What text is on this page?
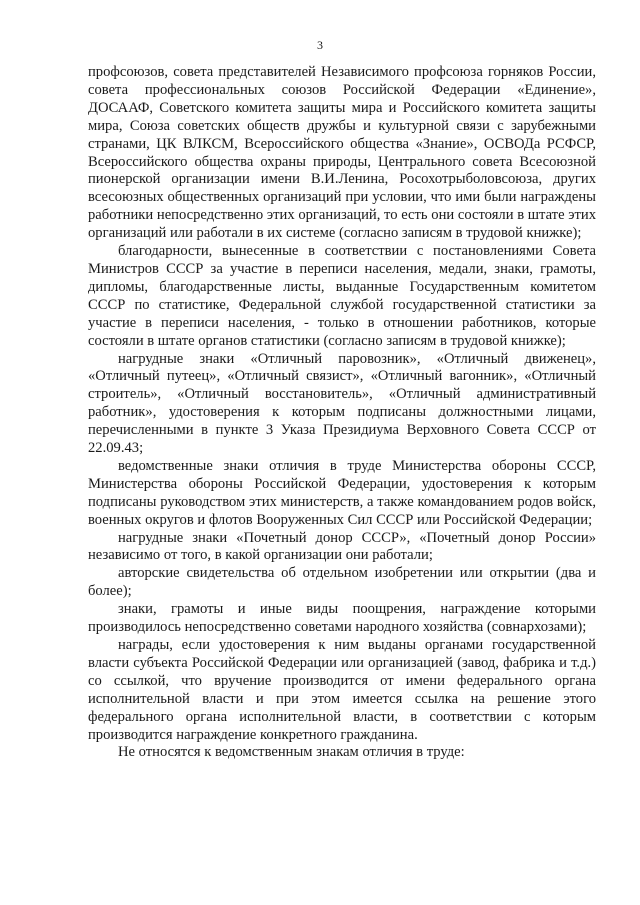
3

профсоюзов, совета представителей Независимого профсоюза горняков России, совета профессиональных союзов Российской Федерации «Единение», ДОСААФ, Советского комитета защиты мира и Российского комитета защиты мира, Союза советских обществ дружбы и культурной связи с зарубежными странами, ЦК ВЛКСМ, Всероссийского общества «Знание», ОСВОДа РСФСР, Всероссийского общества охраны природы, Центрального совета Всесоюзной пионерской организации имени В.И.Ленина, Росохотрыболовсоюза, других всесоюзных общественных организаций при условии, что ими были награждены работники непосредственно этих организаций, то есть они состояли в штате этих организаций или работали в их системе (согласно записям в трудовой книжке);

благодарности, вынесенные в соответствии с постановлениями Совета Министров СССР за участие в переписи населения, медали, знаки, грамоты, дипломы, благодарственные листы, выданные Государственным комитетом СССР по статистике, Федеральной службой государственной статистики за участие в переписи населения, - только в отношении работников, которые состояли в штате органов статистики (согласно записям в трудовой книжке);

нагрудные знаки «Отличный паровозник», «Отличный движенец», «Отличный путеец», «Отличный связист», «Отличный вагонник», «Отличный строитель», «Отличный восстановитель», «Отличный административный работник», удостоверения к которым подписаны должностными лицами, перечисленными в пункте 3 Указа Президиума Верховного Совета СССР от 22.09.43;

ведомственные знаки отличия в труде Министерства обороны СССР, Министерства обороны Российской Федерации, удостоверения к которым подписаны руководством этих министерств, а также командованием родов войск, военных округов и флотов Вооруженных Сил СССР или Российской Федерации;

нагрудные знаки «Почетный донор СССР», «Почетный донор России» независимо от того, в какой организации они работали;

авторские свидетельства об отдельном изобретении или открытии (два и более);

знаки, грамоты и иные виды поощрения, награждение которыми производилось непосредственно советами народного хозяйства (совнархозами);

награды, если удостоверения к ним выданы органами государственной власти субъекта Российской Федерации или организацией (завод, фабрика и т.д.) со ссылкой, что вручение производится от имени федерального органа исполнительной власти и при этом имеется ссылка на решение этого федерального органа исполнительной власти, в соответствии с которым производится награждение конкретного гражданина.

Не относятся к ведомственным знакам отличия в труде:
